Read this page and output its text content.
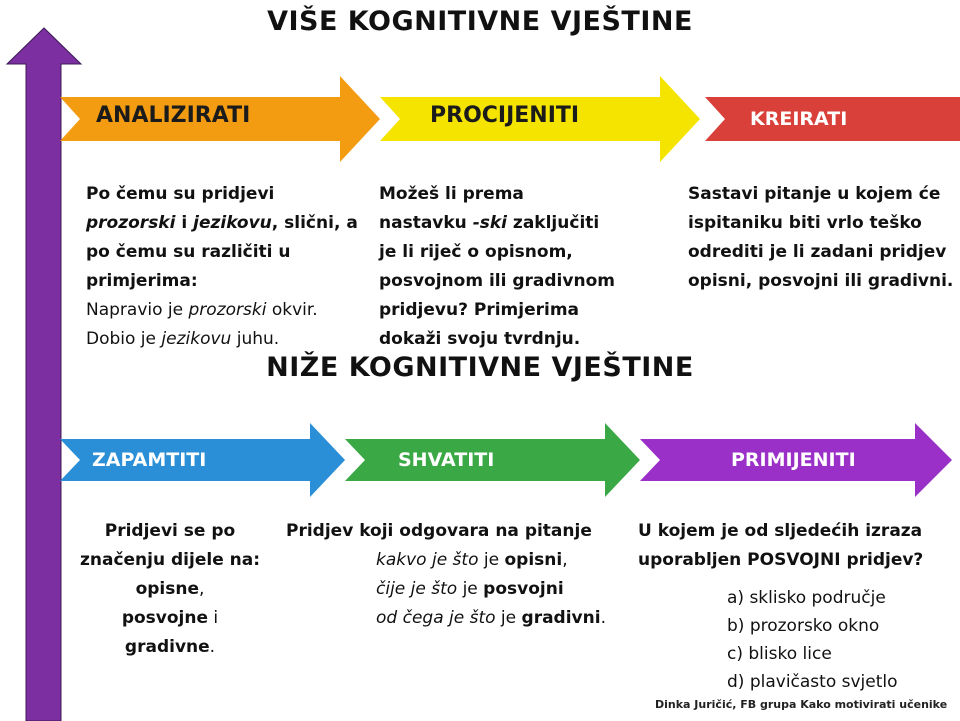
VIŠE KOGNITIVNE VJEŠTINE
NIŽE KOGNITIVNE VJEŠTINE
ANALIZIRATI	PROCIJENITI	KREIRATI
ZAPAMTITI	SHVATITI	PRIMIJENITI
Po čemu su pridjevi
prozorski i jezikovu, slični, a
po čemu su različiti u
primjerima:
Napravio je prozorski okvir.
Dobio je jezikovu juhu.
Možeš li prema
nastavku -ski zaključiti
je li riječ o opisnom,
posvojnom ili gradivnom
pridjevu? Primjerima
dokaži svoju tvrdnju.
Sastavi pitanje u kojem će
ispitaniku biti vrlo teško
odrediti je li zadani pridjev
opisni, posvojni ili gradivni.
Pridjevi se po
značenju dijele na:
opisne,
posvojne i
gradivne.
Pridjev koji odgovara na pitanje
kakvo je što je opisni,
čije je što je posvojni
od čega je što je gradivni.
U kojem je od sljedećih izraza
uporabljen POSVOJNI pridjev?
a) sklisko područje
b) prozorsko okno
c) blisko lice
d) plavičasto svjetlo
Dinka Juričić, FB grupa Kako motivirati učenike
